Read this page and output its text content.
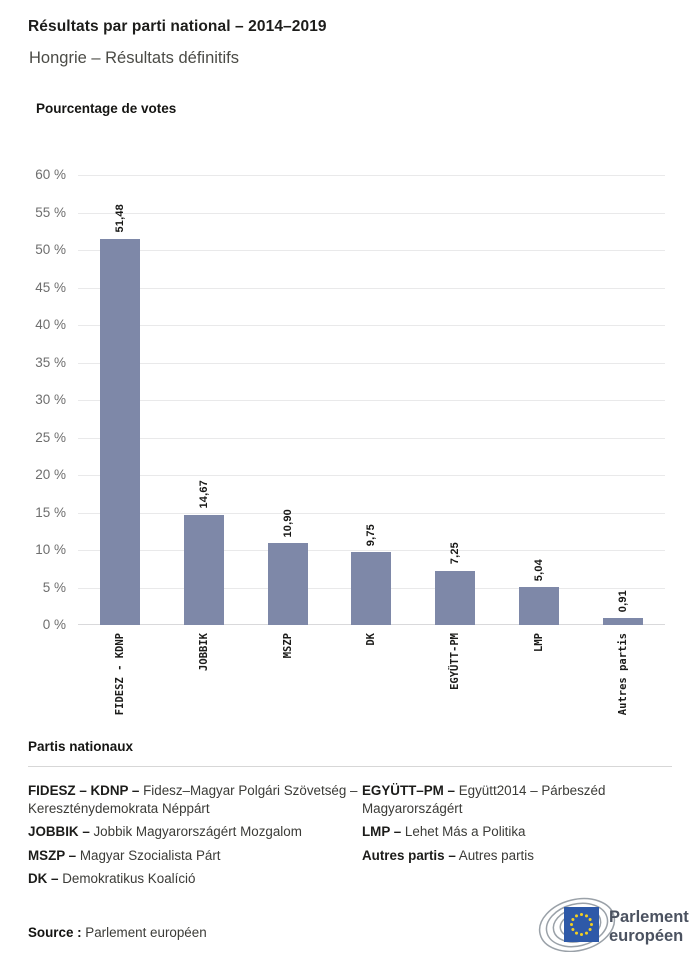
Résultats par parti national – 2014–2019
Hongrie – Résultats définitifs
Pourcentage de votes
0 %
5 %
10 %
15 %
20 %
25 %
30 %
35 %
40 %
45 %
50 %
55 %
60 %
51,48
FIDESZ - KDNP
14,67
JOBBIK
10,90
MSZP
9,75
DK
7,25
EGYÜTT-PM
5,04
LMP
0,91
Autres partis
Partis nationaux
FIDESZ – KDNP – Fidesz–Magyar Polgári Szövetség – Kereszténydemokrata Néppárt
JOBBIK – Jobbik Magyarországért Mozgalom
MSZP – Magyar Szocialista Párt
DK – Demokratikus Koalíció
EGYÜTT–PM – Együtt2014 – Párbeszéd Magyarországért
LMP – Lehet Más a Politika
Autres partis – Autres partis
Source : Parlement européen
Parlement
européen
